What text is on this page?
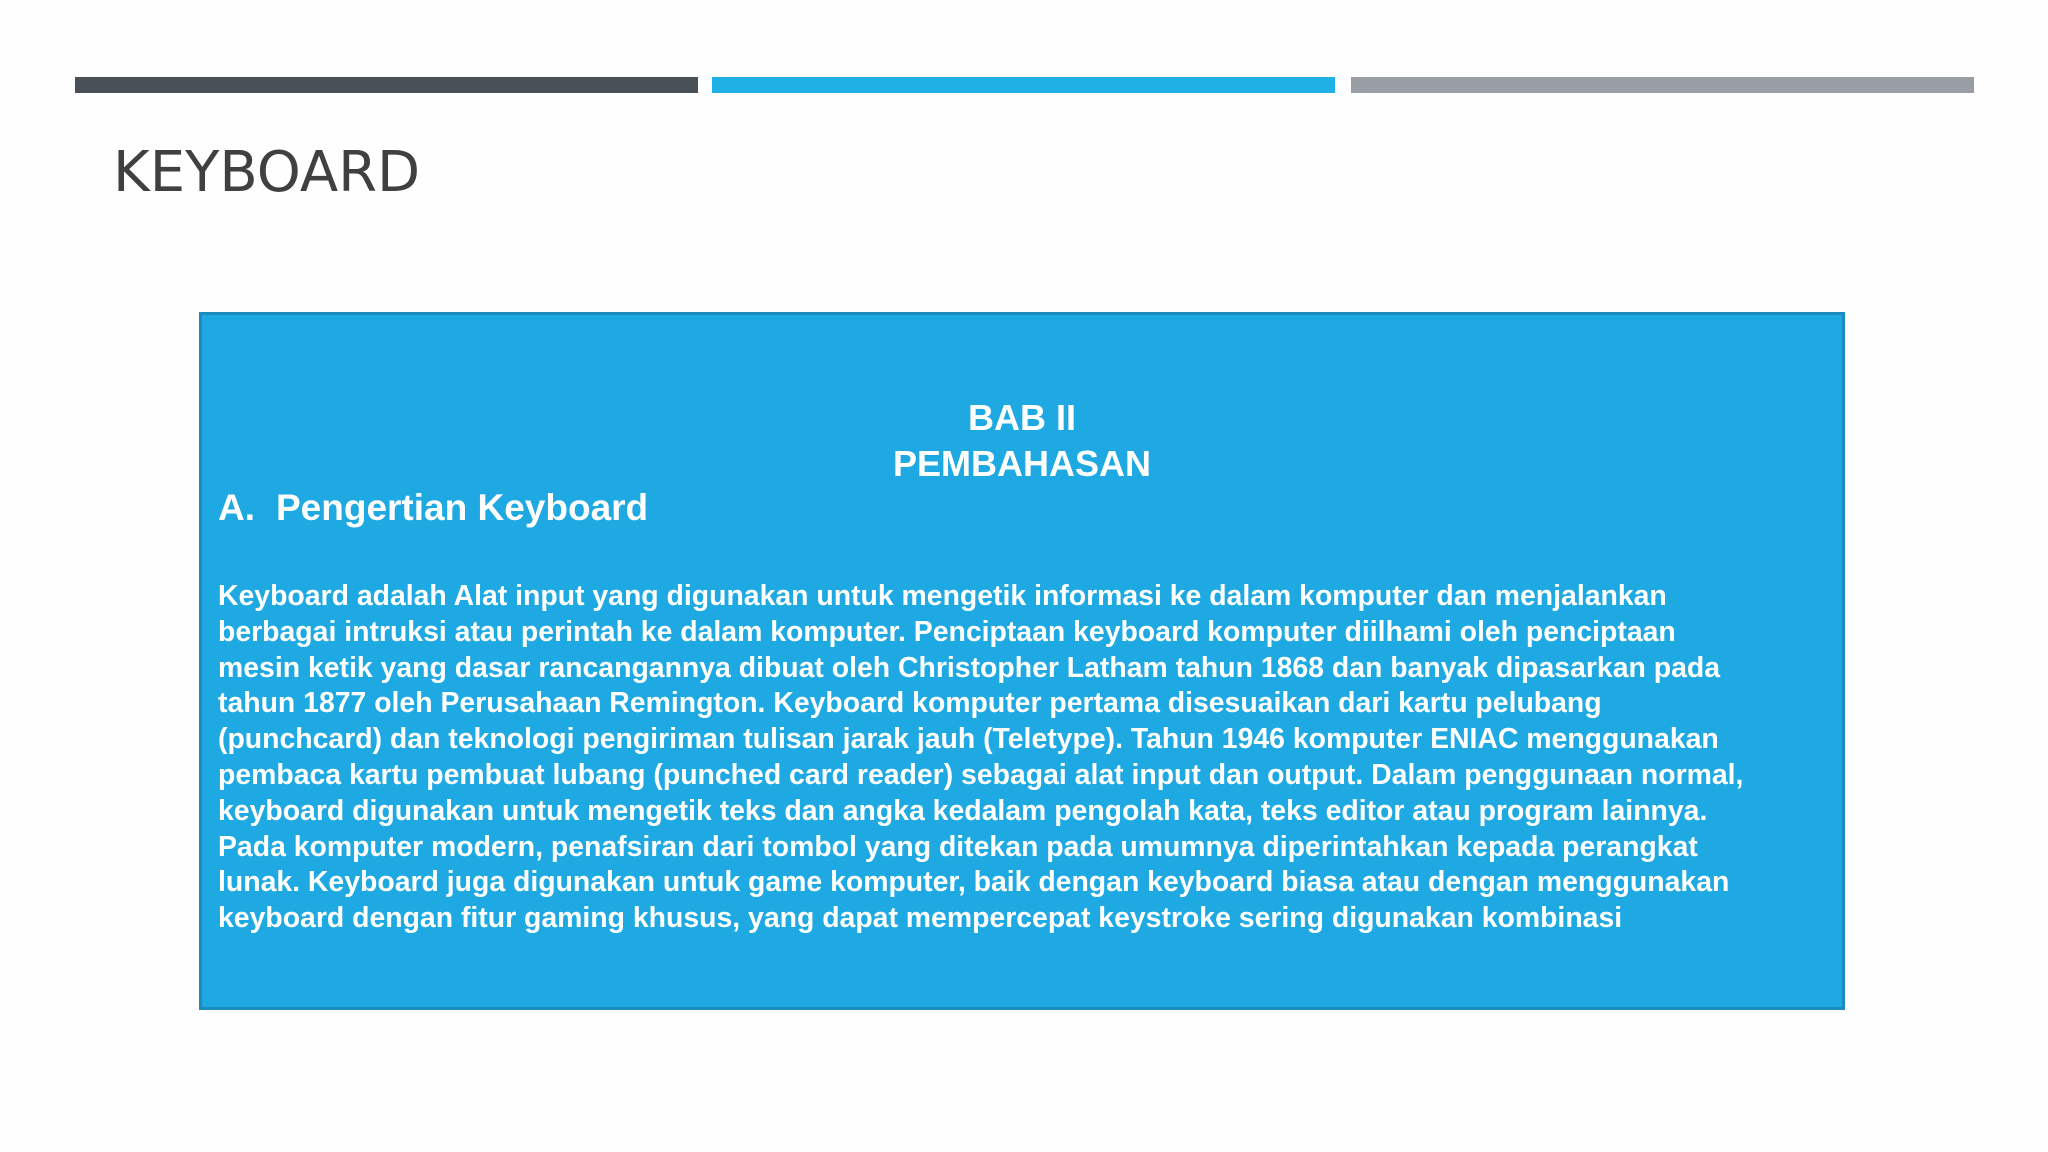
KEYBOARD
BAB II
PEMBAHASAN
A. Pengertian Keyboard
Keyboard adalah Alat input yang digunakan untuk mengetik informasi ke dalam komputer dan menjalankan
berbagai intruksi atau perintah ke dalam komputer. Penciptaan keyboard komputer diilhami oleh penciptaan
mesin ketik yang dasar rancangannya dibuat oleh Christopher Latham tahun 1868 dan banyak dipasarkan pada
tahun 1877 oleh Perusahaan Remington. Keyboard komputer pertama disesuaikan dari kartu pelubang
(punchcard) dan teknologi pengiriman tulisan jarak jauh (Teletype). Tahun 1946 komputer ENIAC menggunakan
pembaca kartu pembuat lubang (punched card reader) sebagai alat input dan output. Dalam penggunaan normal,
keyboard digunakan untuk mengetik teks dan angka kedalam pengolah kata, teks editor atau program lainnya.
Pada komputer modern, penafsiran dari tombol yang ditekan pada umumnya diperintahkan kepada perangkat
lunak. Keyboard juga digunakan untuk game komputer, baik dengan keyboard biasa atau dengan menggunakan
keyboard dengan fitur gaming khusus, yang dapat mempercepat keystroke sering digunakan kombinasi
